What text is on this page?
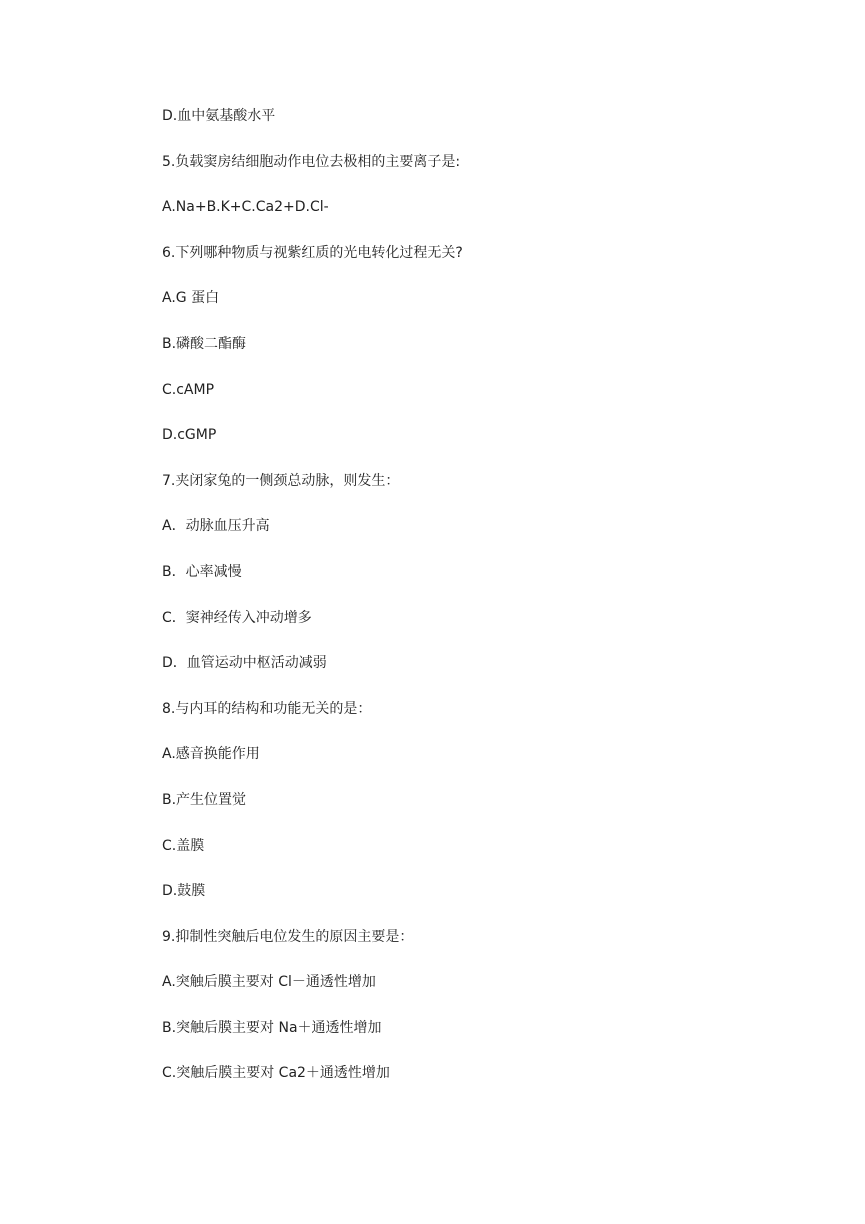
D.血中氨基酸水平
5.负载窦房结细胞动作电位去极相的主要离子是:
A.Na+B.K+C.Ca2+D.Cl-
6.下列哪种物质与视紫红质的光电转化过程无关?
A.G 蛋白
B.磷酸二酯酶
C.cAMP
D.cGMP
7.夹闭家兔的一侧颈总动脉，则发生：
A．动脉血压升高
B．心率减慢
C．窦神经传入冲动增多
D．血管运动中枢活动减弱
8.与内耳的结构和功能无关的是：
A.感音换能作用
B.产生位置觉
C.盖膜
D.鼓膜
9.抑制性突触后电位发生的原因主要是：
A.突触后膜主要对 Cl－通透性增加
B.突触后膜主要对 Na＋通透性增加
C.突触后膜主要对 Ca2＋通透性增加
